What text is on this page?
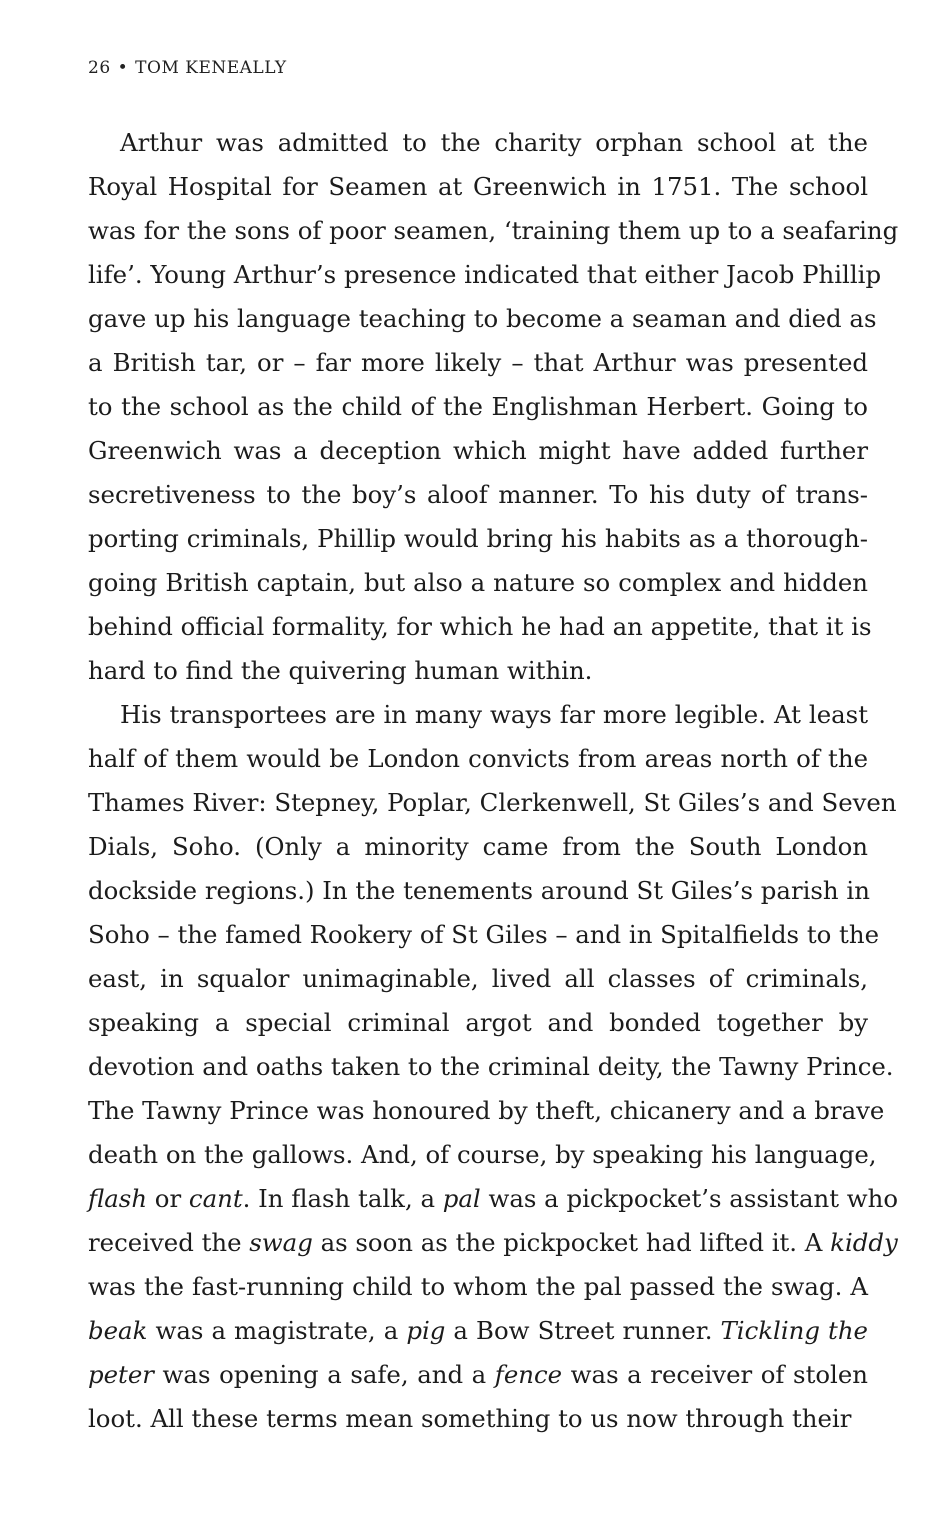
26 • TOM KENEALLY
Arthur was admitted to the charity orphan school at the
Royal Hospital for Seamen at Greenwich in 1751. The school
was for the sons of poor seamen, ‘training them up to a seafaring
life’. Young Arthur’s presence indicated that either Jacob Phillip
gave up his language teaching to become a seaman and died as
a British tar, or – far more likely – that Arthur was presented
to the school as the child of the Englishman Herbert. Going to
Greenwich was a deception which might have added further
secretiveness to the boy’s aloof manner. To his duty of trans-
porting criminals, Phillip would bring his habits as a thorough-
going British captain, but also a nature so complex and hidden
behind official formality, for which he had an appetite, that it is
hard to find the quivering human within.
His transportees are in many ways far more legible. At least
half of them would be London convicts from areas north of the
Thames River: Stepney, Poplar, Clerkenwell, St Giles’s and Seven
Dials, Soho. (Only a minority came from the South London
dockside regions.) In the tenements around St Giles’s parish in
Soho – the famed Rookery of St Giles – and in Spitalfields to the
east, in squalor unimaginable, lived all classes of criminals,
speaking a special criminal argot and bonded together by
devotion and oaths taken to the criminal deity, the Tawny Prince.
The Tawny Prince was honoured by theft, chicanery and a brave
death on the gallows. And, of course, by speaking his language,
flash or cant. In flash talk, a pal was a pickpocket’s assistant who
received the swag as soon as the pickpocket had lifted it. A kiddy
was the fast-running child to whom the pal passed the swag. A
beak was a magistrate, a pig a Bow Street runner. Tickling the
peter was opening a safe, and a fence was a receiver of stolen
loot. All these terms mean something to us now through their
